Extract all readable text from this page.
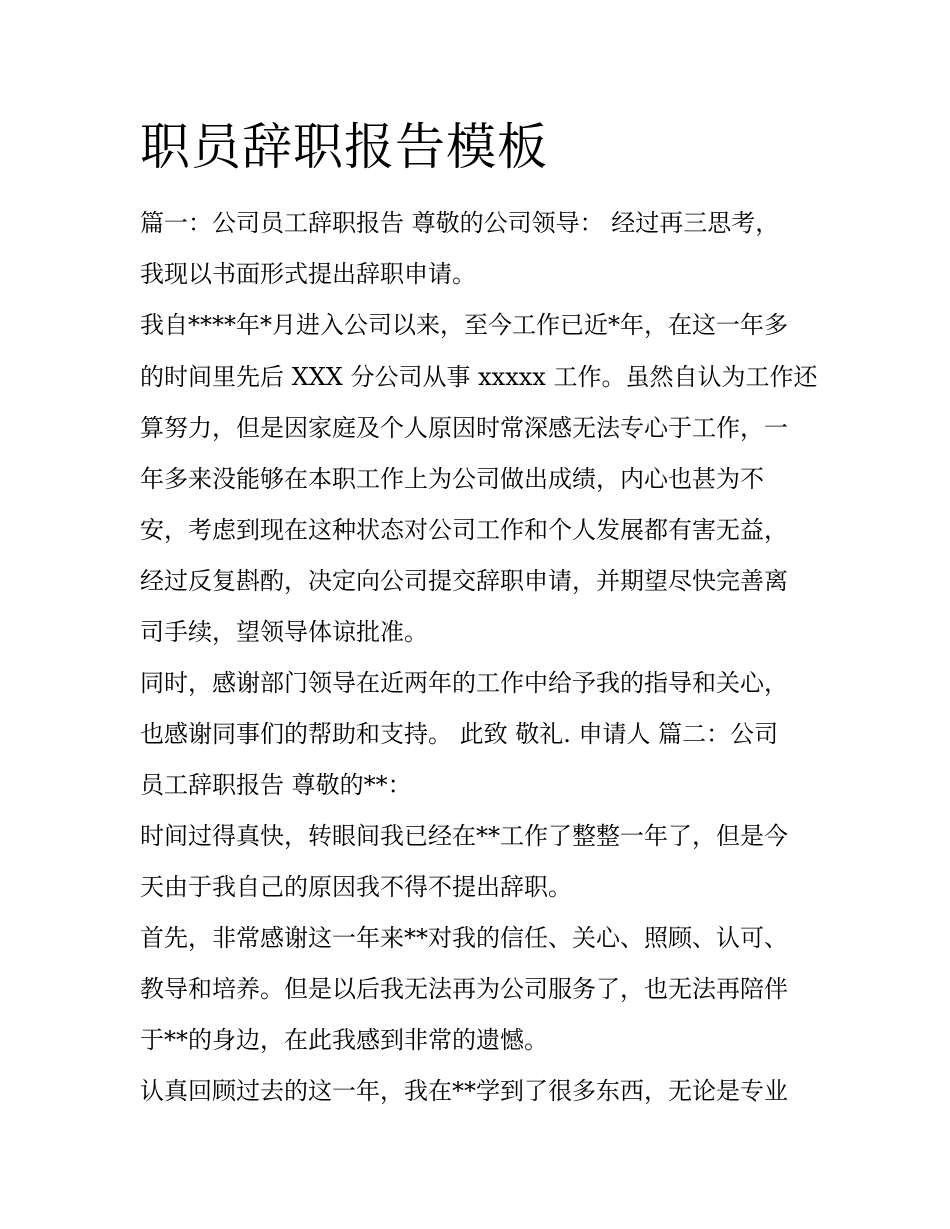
职员辞职报告模板
篇一：公司员工辞职报告 尊敬的公司领导： 经过再三思考，
我现以书面形式提出辞职申请。
我自****年*月进入公司以来，至今工作已近*年，在这一年多
的时间里先后 XXX 分公司从事 xxxxx 工作。虽然自认为工作还
算努力，但是因家庭及个人原因时常深感无法专心于工作，一
年多来没能够在本职工作上为公司做出成绩，内心也甚为不
安，考虑到现在这种状态对公司工作和个人发展都有害无益，
经过反复斟酌，决定向公司提交辞职申请，并期望尽快完善离
司手续，望领导体谅批准。
同时，感谢部门领导在近两年的工作中给予我的指导和关心，
也感谢同事们的帮助和支持。 此致 敬礼. 申请人 篇二：公司
员工辞职报告 尊敬的**：
时间过得真快，转眼间我已经在**工作了整整一年了，但是今
天由于我自己的原因我不得不提出辞职。
首先，非常感谢这一年来**对我的信任、关心、照顾、认可、
教导和培养。但是以后我无法再为公司服务了，也无法再陪伴
于**的身边，在此我感到非常的遗憾。
认真回顾过去的这一年，我在**学到了很多东西，无论是专业
